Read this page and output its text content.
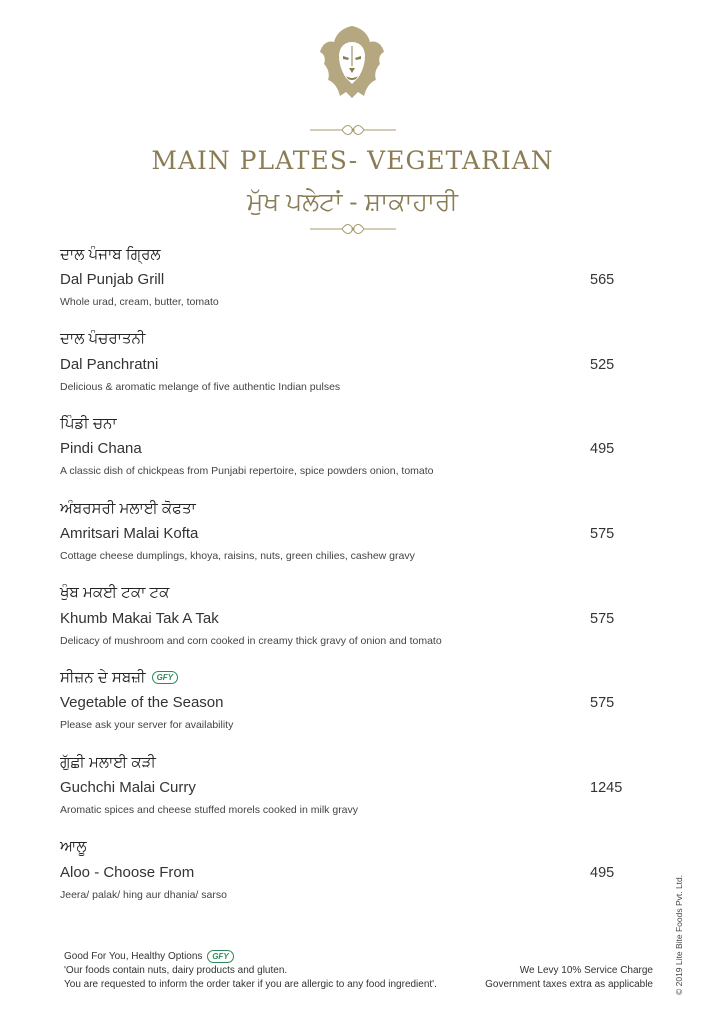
MAIN PLATES- VEGETARIAN
ਮੁੱਖ ਪਲੇਟਾਂ - ਸ਼ਾਕਾਹਾਰੀ
ਦਾਲ ਪੰਜਾਬ ਗ੍ਰਿਲ
Dal Punjab Grill	565
Whole urad, cream, butter, tomato
ਦਾਲ ਪੰਚਰਾਤਨੀ
Dal Panchratni	525
Delicious & aromatic melange of five authentic Indian pulses
ਪਿੰਡੀ ਚਨਾ
Pindi Chana	495
A classic dish of chickpeas from Punjabi repertoire, spice powders onion, tomato
ਅੰਬਰਸਰੀ ਮਲਾਈ ਕੋਫਤਾ
Amritsari Malai Kofta	575
Cottage cheese dumplings, khoya, raisins, nuts, green chilies, cashew gravy
ਖੁੰਬ ਮਕਈ ਟਕਾ ਟਕ
Khumb Makai Tak A Tak	575
Delicacy of mushroom and corn cooked in creamy thick gravy of onion and tomato
ਸੀਜ਼ਨ ਦੇ ਸਬਜ਼ੀ	GFY
Vegetable of the Season	575
Please ask your server for availability
ਗੁੱਛੀ ਮਲਾਈ ਕੜੀ
Guchchi Malai Curry	1245
Aromatic spices and cheese stuffed morels cooked in milk gravy
ਆਲੂ
Aloo - Choose From	495
Jeera/ palak/ hing aur dhania/ sarso
Good For You, Healthy Options GFY
'Our foods contain nuts, dairy products and gluten.
You are requested to inform the order taker if you are allergic to any food ingredient'.
We Levy 10% Service Charge
Government taxes extra as applicable © 2019 Lite Bite Foods Pvt. Ltd.
